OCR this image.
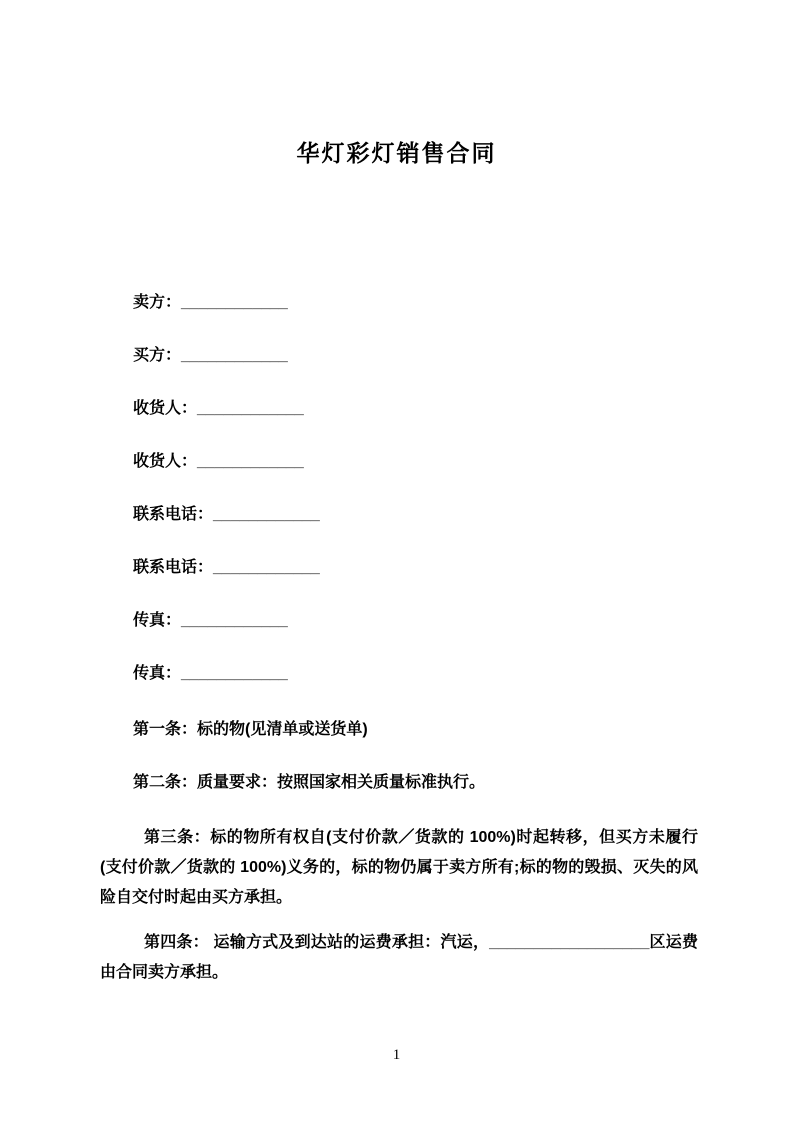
华灯彩灯销售合同

卖方：____________

买方：____________

收货人：____________

收货人：____________

联系电话：____________

联系电话：____________

传真：____________

传真：____________

第一条：标的物(见清单或送货单)

第二条：质量要求：按照国家相关质量标准执行。

第三条：标的物所有权自(支付价款／货款的 100%)时起转移，但买方未履行(支付价款／货款的 100%)义务的，标的物仍属于卖方所有;标的物的毁损、灭失的风险自交付时起由买方承担。

第四条： 运输方式及到达站的运费承担：汽运，__________________区运费由合同卖方承担。

1
